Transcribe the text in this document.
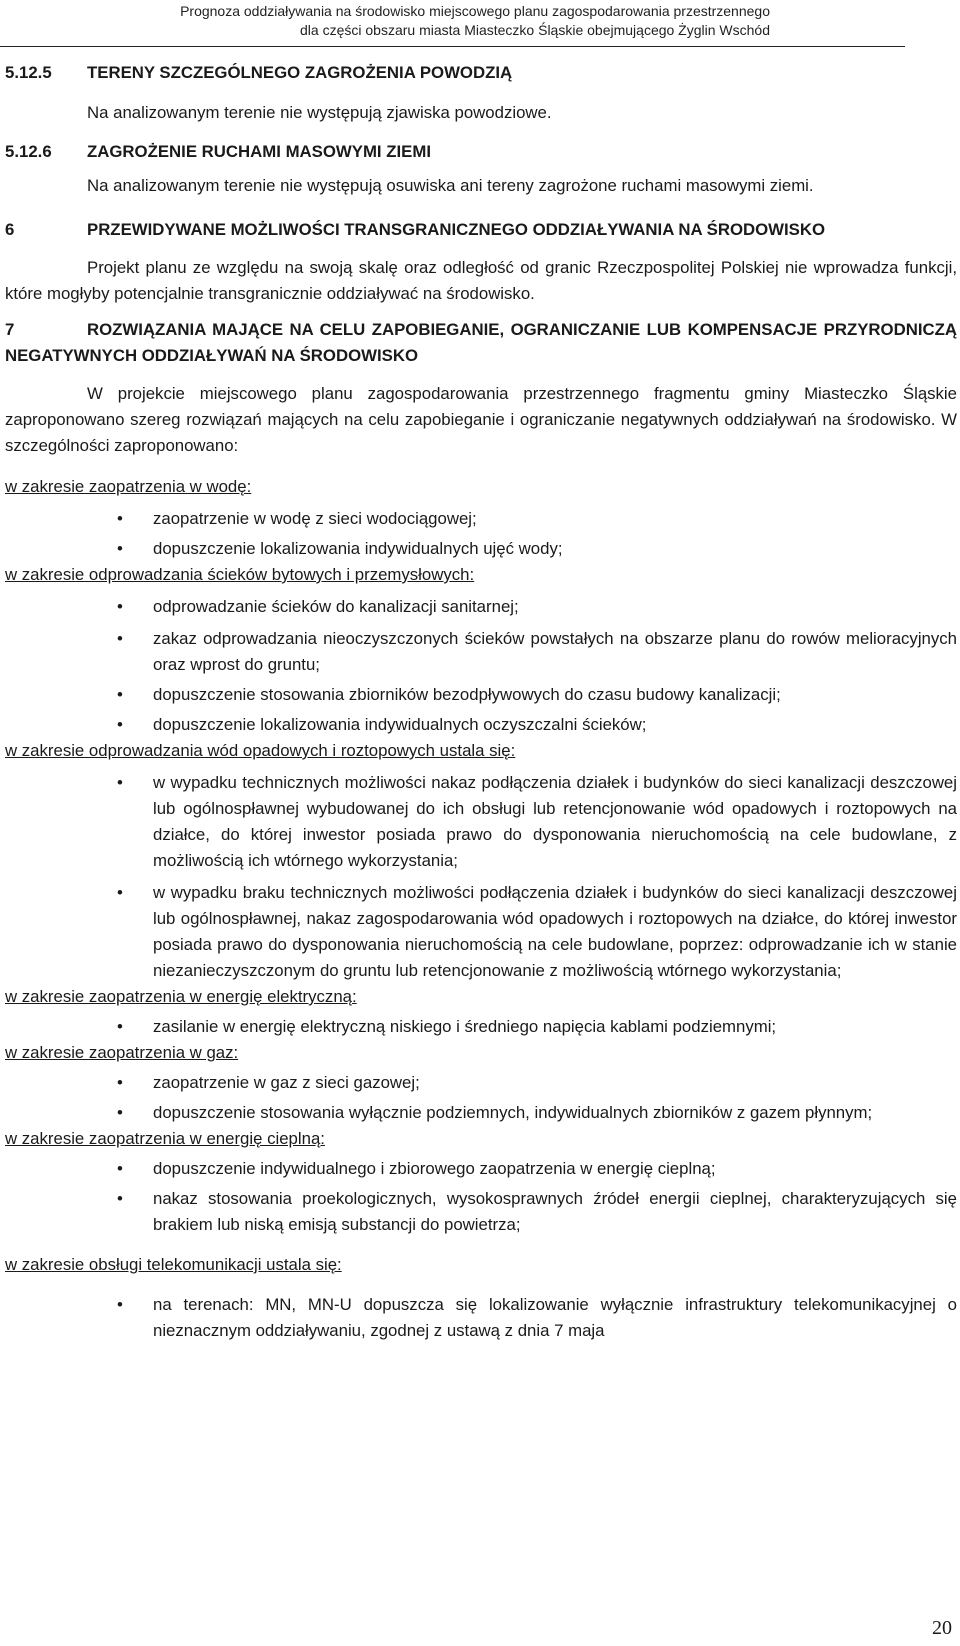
Prognoza oddziaływania na środowisko miejscowego planu zagospodarowania przestrzennego
dla części obszaru miasta Miasteczko Śląskie obejmującego Żyglin Wschód

5.12.5 TERENY SZCZEGÓLNEGO ZAGROŻENIA POWODZIĄ

Na analizowanym terenie nie występują zjawiska powodziowe.

5.12.6 ZAGROŻENIE RUCHAMI MASOWYMI ZIEMI

Na analizowanym terenie nie występują osuwiska ani tereny zagrożone ruchami masowymi ziemi.

6	PRZEWIDYWANE MOŻLIWOŚCI TRANSGRANICZNEGO ODDZIAŁYWANIA NA ŚRODOWISKO

Projekt planu ze względu na swoją skalę oraz odległość od granic Rzeczpospolitej Polskiej nie wprowadza funkcji, które mogłyby potencjalnie transgranicznie oddziaływać na środowisko.

7	ROZWIĄZANIA MAJĄCE NA CELU ZAPOBIEGANIE, OGRANICZANIE LUB KOMPENSACJE PRZYRODNICZĄ NEGATYWNYCH ODDZIAŁYWAŃ NA ŚRODOWISKO

W projekcie miejscowego planu zagospodarowania przestrzennego fragmentu gminy Miasteczko Śląskie zaproponowano szereg rozwiązań mających na celu zapobieganie i ograniczanie negatywnych oddziaływań na środowisko. W szczególności zaproponowano:

w zakresie zaopatrzenia w wodę:

• zaopatrzenie w wodę z sieci wodociągowej;

• dopuszczenie lokalizowania indywidualnych ujęć wody;

w zakresie odprowadzania ścieków bytowych i przemysłowych:

• odprowadzanie ścieków do kanalizacji sanitarnej;

• zakaz odprowadzania nieoczyszczonych ścieków powstałych na obszarze planu do rowów melioracyjnych oraz wprost do gruntu;

• dopuszczenie stosowania zbiorników bezodpływowych do czasu budowy kanalizacji;

• dopuszczenie lokalizowania indywidualnych oczyszczalni ścieków;

w zakresie odprowadzania wód opadowych i roztopowych ustala się:

• w wypadku technicznych możliwości nakaz podłączenia działek i budynków do sieci kanalizacji deszczowej lub ogólnospławnej wybudowanej do ich obsługi lub retencjonowanie wód opadowych i roztopowych na działce, do której inwestor posiada prawo do dysponowania nieruchomością na cele budowlane, z możliwością ich wtórnego wykorzystania;

• w wypadku braku technicznych możliwości podłączenia działek i budynków do sieci kanalizacji deszczowej lub ogólnospławnej, nakaz zagospodarowania wód opadowych i roztopowych na działce, do której inwestor posiada prawo do dysponowania nieruchomością na cele budowlane, poprzez: odprowadzanie ich w stanie niezanieczyszczonym do gruntu lub retencjonowanie z możliwością wtórnego wykorzystania;

w zakresie zaopatrzenia w energię elektryczną:

• zasilanie w energię elektryczną niskiego i średniego napięcia kablami podziemnymi;

w zakresie zaopatrzenia w gaz:

• zaopatrzenie w gaz z sieci gazowej;

• dopuszczenie stosowania wyłącznie podziemnych, indywidualnych zbiorników z gazem płynnym;

w zakresie zaopatrzenia w energię cieplną:

• dopuszczenie indywidualnego i zbiorowego zaopatrzenia w energię cieplną;

• nakaz stosowania proekologicznych, wysokosprawnych źródeł energii cieplnej, charakteryzujących się brakiem lub niską emisją substancji do powietrza;

w zakresie obsługi telekomunikacji ustala się:

• na terenach: MN, MN-U dopuszcza się lokalizowanie wyłącznie infrastruktury telekomunikacyjnej o nieznacznym oddziaływaniu, zgodnej z ustawą z dnia 7 maja

20
